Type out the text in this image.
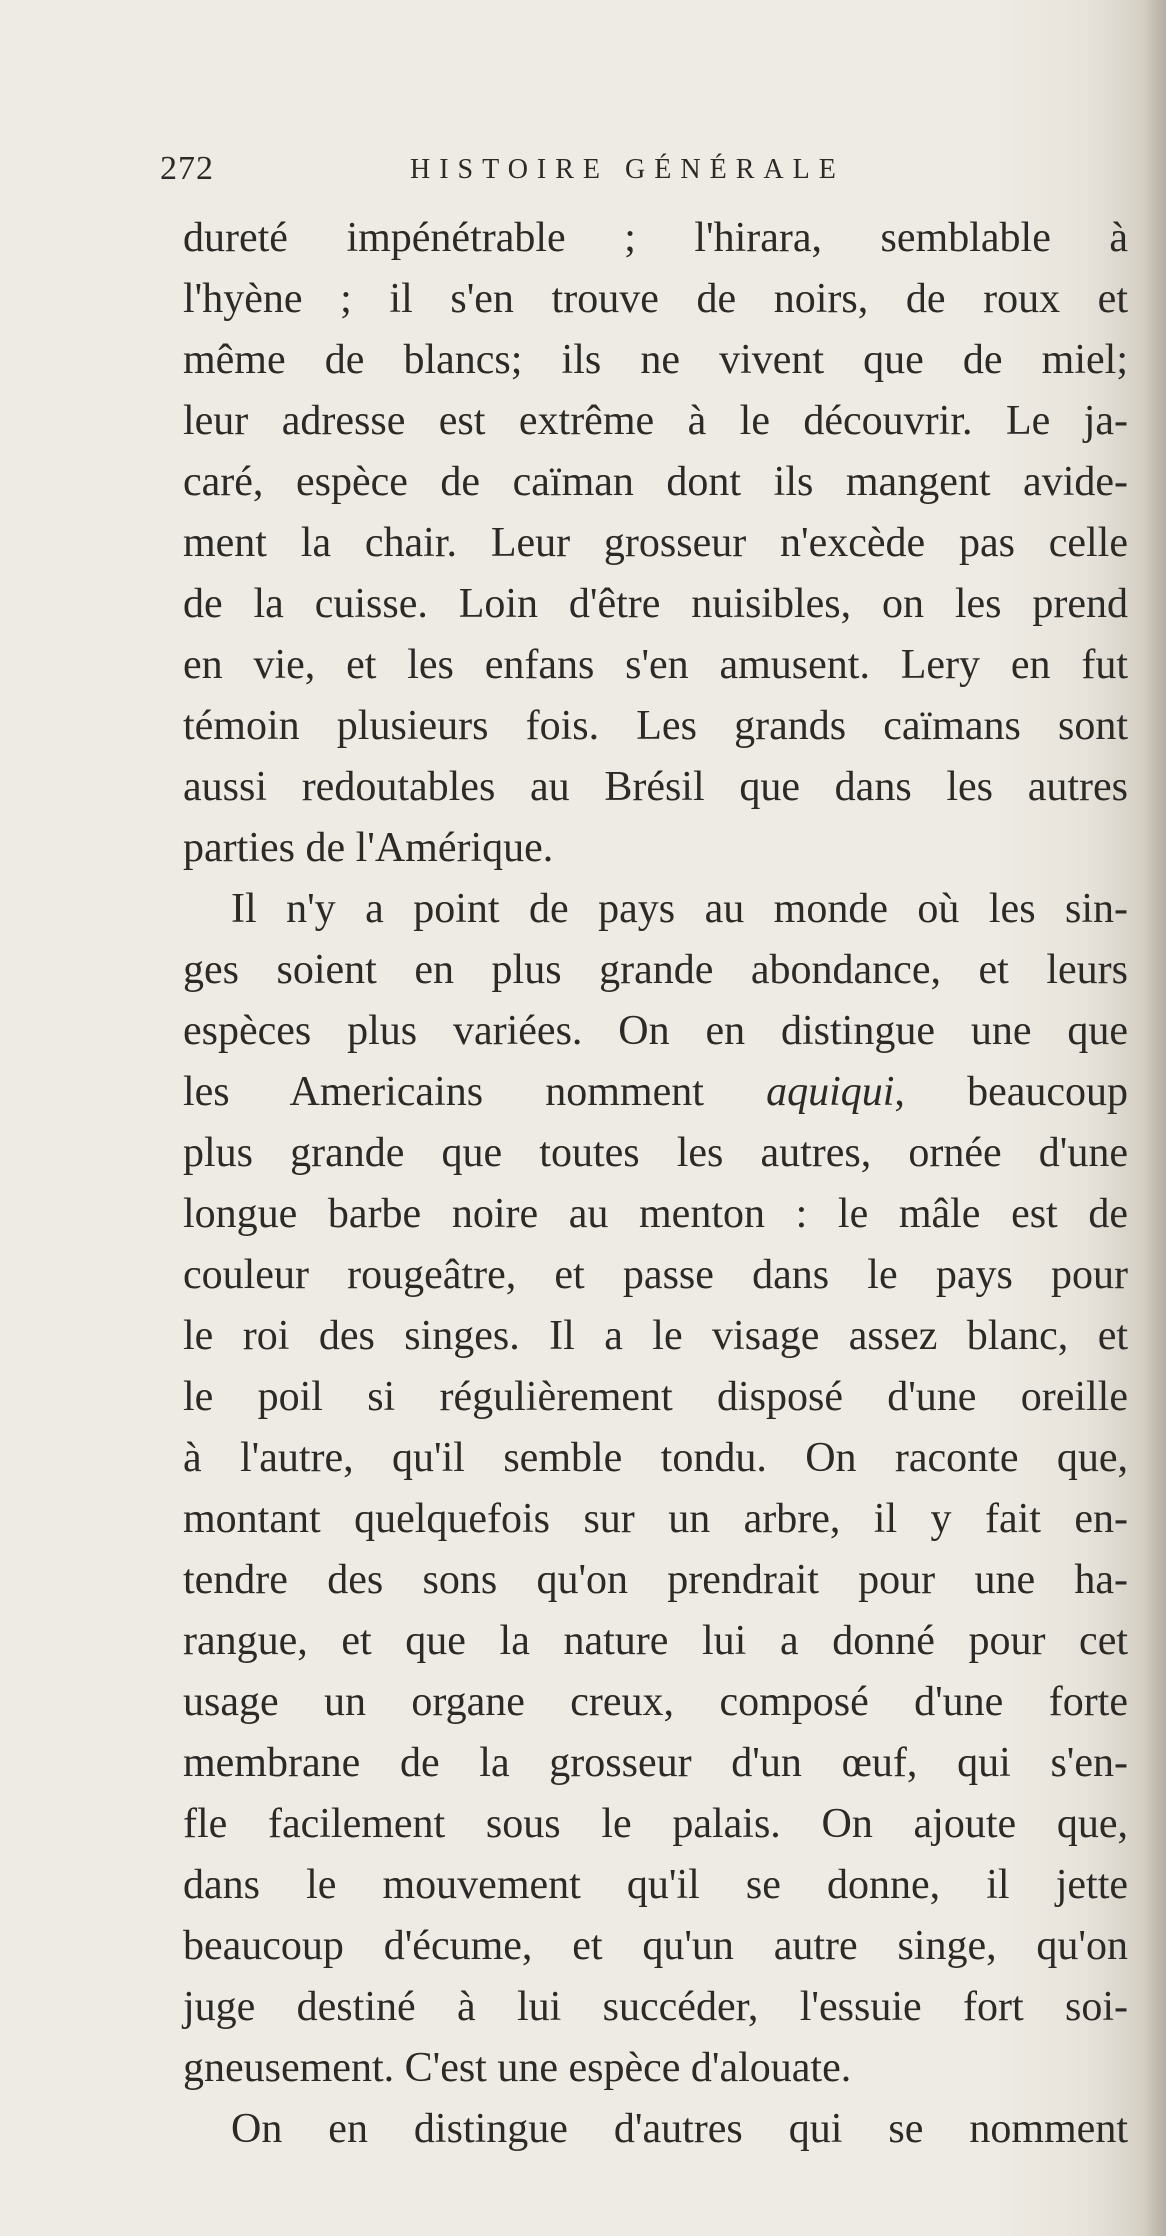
272	HISTOIRE GÉNÉRALE
dureté impénétrable ; l'hirara, semblable à
l'hyène ; il s'en trouve de noirs, de roux et
même de blancs; ils ne vivent que de miel;
leur adresse est extrême à le découvrir. Le ja-
caré, espèce de caïman dont ils mangent avide-
ment la chair. Leur grosseur n'excède pas celle
de la cuisse. Loin d'être nuisibles, on les prend
en vie, et les enfans s'en amusent. Lery en fut
témoin plusieurs fois. Les grands caïmans sont
aussi redoutables au Brésil que dans les autres
parties de l'Amérique.
Il n'y a point de pays au monde où les sin-
ges soient en plus grande abondance, et leurs
espèces plus variées. On en distingue une que
les Americains nomment aquiqui, beaucoup
plus grande que toutes les autres, ornée d'une
longue barbe noire au menton : le mâle est de
couleur rougeâtre, et passe dans le pays pour
le roi des singes. Il a le visage assez blanc, et
le poil si régulièrement disposé d'une oreille
à l'autre, qu'il semble tondu. On raconte que,
montant quelquefois sur un arbre, il y fait en-
tendre des sons qu'on prendrait pour une ha-
rangue, et que la nature lui a donné pour cet
usage un organe creux, composé d'une forte
membrane de la grosseur d'un œuf, qui s'en-
fle facilement sous le palais. On ajoute que,
dans le mouvement qu'il se donne, il jette
beaucoup d'écume, et qu'un autre singe, qu'on
juge destiné à lui succéder, l'essuie fort soi-
gneusement. C'est une espèce d'alouate.
On en distingue d'autres qui se nomment
